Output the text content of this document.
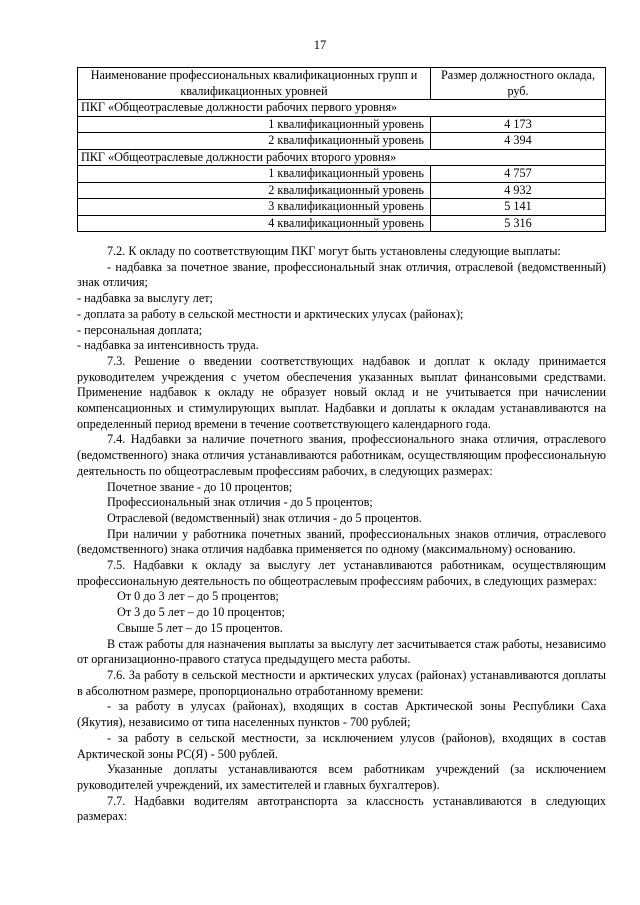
17
Наименование профессиональных квалификационных групп и квалификационных уровней	Размер должностного оклада, руб.
ПКГ «Общеотраслевые должности рабочих первого уровня»	
1 квалификационный уровень	4 173
2 квалификационный уровень	4 394
ПКГ «Общеотраслевые должности рабочих второго уровня»	
1 квалификационный уровень	4 757
2 квалификационный уровень	4 932
3 квалификационный уровень	5 141
4 квалификационный уровень	5 316

7.2. К окладу по соответствующим ПКГ могут быть установлены следующие выплаты:

- надбавка за почетное звание, профессиональный знак отличия, отраслевой (ведомственный) знак отличия;

- надбавка за выслугу лет;

- доплата за работу в сельской местности и арктических улусах (районах);

- персональная доплата;

- надбавка за интенсивность труда.

7.3. Решение о введении соответствующих надбавок и доплат к окладу принимается руководителем учреждения с учетом обеспечения указанных выплат финансовыми средствами. Применение надбавок к окладу не образует новый оклад и не учитывается при начислении компенсационных и стимулирующих выплат. Надбавки и доплаты к окладам устанавливаются на определенный период времени в течение соответствующего календарного года.

7.4. Надбавки за наличие почетного звания, профессионального знака отличия, отраслевого (ведомственного) знака отличия устанавливаются работникам, осуществляющим профессиональную деятельность по общеотраслевым профессиям рабочих, в следующих размерах:

Почетное звание - до 10 процентов;

Профессиональный знак отличия - до 5 процентов;

Отраслевой (ведомственный) знак отличия - до 5 процентов.

При наличии у работника почетных званий, профессиональных знаков отличия, отраслевого (ведомственного) знака отличия надбавка применяется по одному (максимальному) основанию.

7.5. Надбавки к окладу за выслугу лет устанавливаются работникам, осуществляющим профессиональную деятельность по общеотраслевым профессиям рабочих, в следующих размерах:

От 0 до 3 лет – до 5 процентов;

От 3 до 5 лет – до 10 процентов;

Свыше 5 лет – до 15 процентов.

В стаж работы для назначения выплаты за выслугу лет засчитывается стаж работы, независимо от организационно-правого статуса предыдущего места работы.

7.6. За работу в сельской местности и арктических улусах (районах) устанавливаются доплаты в абсолютном размере, пропорционально отработанному времени:

- за работу в улусах (районах), входящих в состав Арктической зоны Республики Саха (Якутия), независимо от типа населенных пунктов - 700 рублей;

- за работу в сельской местности, за исключением улусов (районов), входящих в состав Арктической зоны РС(Я) - 500 рублей.

Указанные доплаты устанавливаются всем работникам учреждений (за исключением руководителей учреждений, их заместителей и главных бухгалтеров).

7.7. Надбавки водителям автотранспорта за классность устанавливаются в следующих размерах:
